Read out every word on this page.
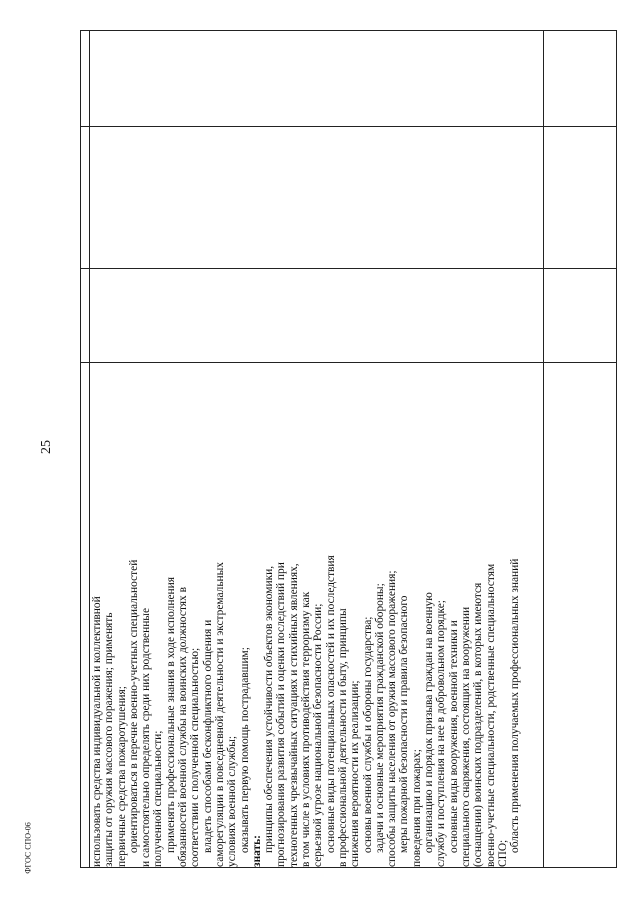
25
ФГОС СПО-06	использовать средства индивидуальной и коллективной защиты от оружия массового поражения; применять первичные средства пожаротушения; ориентироваться в перечне военно-учетных специальностей и самостоятельно определять среди них родственные полученной специальности; применять профессиональные знания в ходе исполнения обязанностей военной службы на воинских должностях в соответствии с полученной специальностью; владеть способами бесконфликтного общения и саморегуляции в повседневной деятельности и экстремальных условиях военной службы; оказывать первую помощь пострадавшим; знать: принципы обеспечения устойчивости объектов экономики, прогнозирования развития событий и оценки последствий при техногенных чрезвычайных ситуациях и стихийных явлениях, в том числе в условиях противодействия терроризму как серьезной угрозе национальной безопасности России; основные виды потенциальных опасностей и их последствия в профессиональной деятельности и быту, принципы снижения вероятности их реализации; основы военной службы и обороны государства; задачи и основные мероприятия гражданской обороны; способы защиты населения от оружия массового поражения; меры пожарной безопасности и правила безопасного поведения при пожарах; организацию и порядок призыва граждан на военную службу и поступления на нее в добровольном порядке; основные виды вооружения, военной техники и специального снаряжения, состоящих на вооружении (оснащении) воинских подразделений, в которых имеются военно-учетные специальности, родственные специальностям СПО;

область применения получаемых профессиональных знаний
